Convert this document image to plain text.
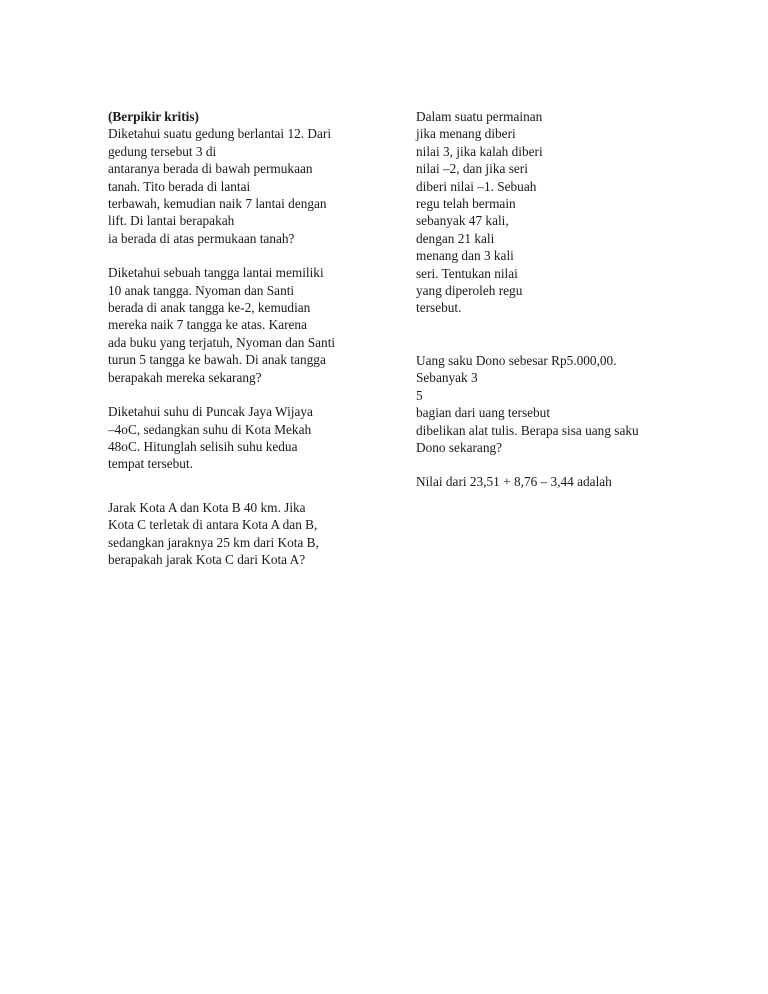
(Berpikir kritis)
Diketahui suatu gedung berlantai 12. Dari
gedung tersebut 3 di
antaranya berada di bawah permukaan
tanah. Tito berada di lantai
terbawah, kemudian naik 7 lantai dengan
lift. Di lantai berapakah
ia berada di atas permukaan tanah?
Diketahui sebuah tangga lantai memiliki
10 anak tangga. Nyoman dan Santi
berada di anak tangga ke-2, kemudian
mereka naik 7 tangga ke atas. Karena
ada buku yang terjatuh, Nyoman dan Santi
turun 5 tangga ke bawah. Di anak tangga
berapakah mereka sekarang?
Diketahui suhu di Puncak Jaya Wijaya
–4oC, sedangkan suhu di Kota Mekah
48oC. Hitunglah selisih suhu kedua
tempat tersebut.
Jarak Kota A dan Kota B 40 km. Jika
Kota C terletak di antara Kota A dan B,
sedangkan jaraknya 25 km dari Kota B,
berapakah jarak Kota C dari Kota A?
Dalam suatu permainan
jika menang diberi
nilai 3, jika kalah diberi
nilai –2, dan jika seri
diberi nilai –1. Sebuah
regu telah bermain
sebanyak 47 kali,
dengan 21 kali
menang dan 3 kali
seri. Tentukan nilai
yang diperoleh regu
tersebut.
Uang saku Dono sebesar Rp5.000,00.
Sebanyak 3
5
bagian dari uang tersebut
dibelikan alat tulis. Berapa sisa uang saku
Dono sekarang?
Nilai dari 23,51 + 8,76 – 3,44 adalah
